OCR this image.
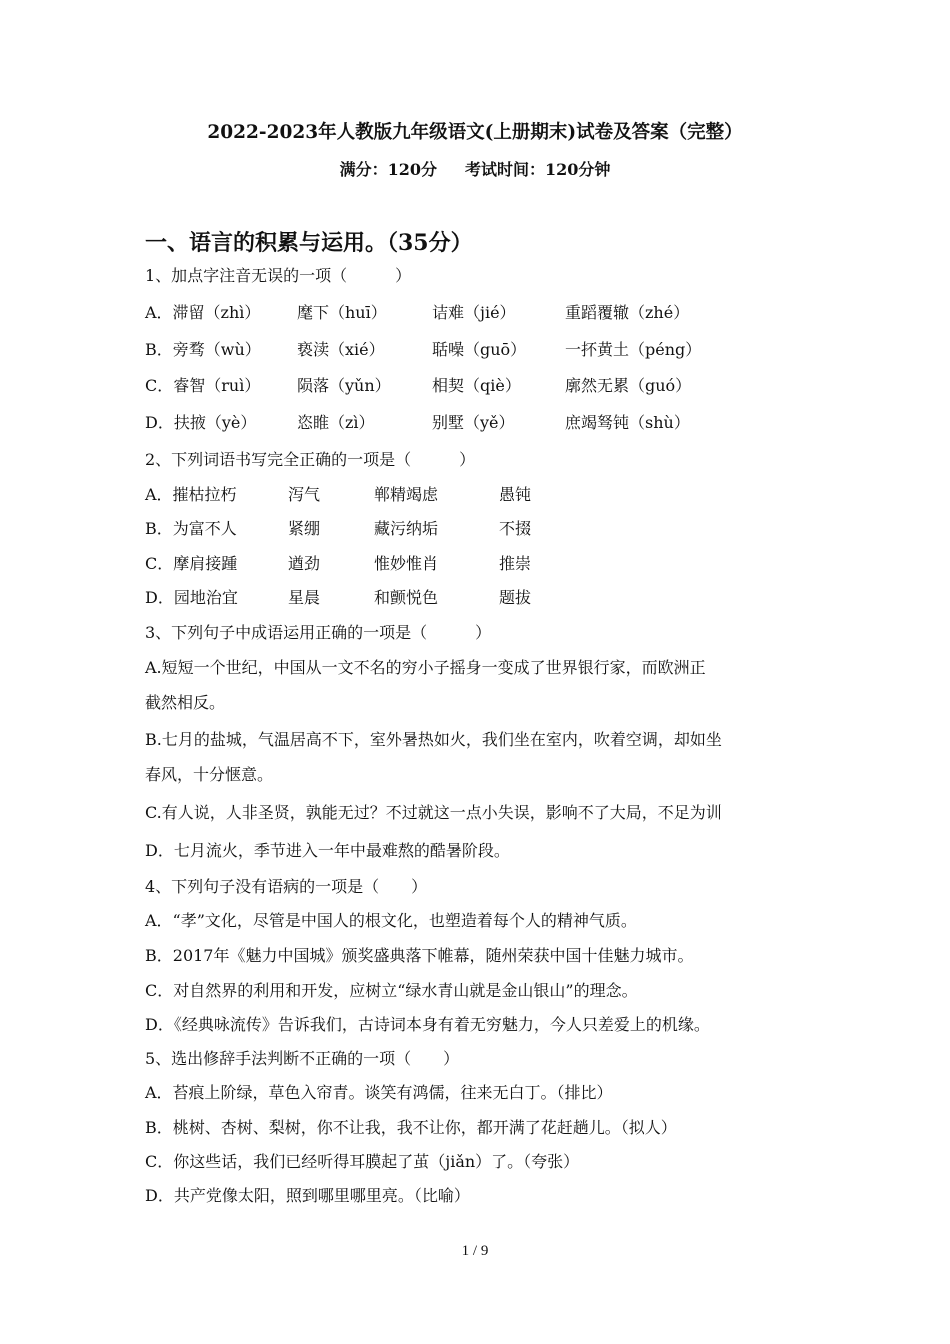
2022-2023年人教版九年级语文(上册期末)试卷及答案（完整）
满分：120分 考试时间：120分钟
一、语言的积累与运用。（35分）
1、加点字注音无误的一项（　　　）
A．滞留（zhì） 麾下（huī）	诘难（jié）	重蹈覆辙（zhé）
B．旁骛（wù） 亵渎（xié）	聒噪（guō） 一抔黄土（péng）
C．睿智（ruì） 陨落（yǔn）	相契（qiè）	廓然无累（guó）
D．扶掖（yè）	恣睢（zì）	别墅（yě）	庶竭驽钝（shù）
2、下列词语书写完全正确的一项是（　　　）
A．摧枯拉朽	泻气	郸精竭虑	愚钝
B．为富不人	紧绷	藏污纳垢	不掇
C．摩肩接踵	遒劲	惟妙惟肖	推崇
D．园地治宜	星晨	和颤悦色	题拔
3、下列句子中成语运用正确的一项是（　　　）
A.短短一个世纪，中国从一文不名的穷小子摇身一变成了世界银行家，而欧洲正
截然相反。
B.七月的盐城，气温居高不下，室外暑热如火，我们坐在室内，吹着空调，却如坐
春风，十分惬意。
C.有人说，人非圣贤，孰能无过？不过就这一点小失误，影响不了大局，不足为训
D．七月流火，季节进入一年中最难熬的酷暑阶段。
4、下列句子没有语病的一项是（　　）
A．“孝”文化，尽管是中国人的根文化，也塑造着每个人的精神气质。
B．2017年《魅力中国城》颁奖盛典落下帷幕，随州荣获中国十佳魅力城市。
C．对自然界的利用和开发，应树立“绿水青山就是金山银山”的理念。
D．《经典咏流传》告诉我们，古诗词本身有着无穷魅力，今人只差爱上的机缘。
5、选出修辞手法判断不正确的一项（　　）
A．苔痕上阶绿，草色入帘青。谈笑有鸿儒，往来无白丁。（排比）
B．桃树、杏树、梨树，你不让我，我不让你，都开满了花赶趟儿。（拟人）
C．你这些话，我们已经听得耳膜起了茧（jiǎn）了。（夸张）
D．共产党像太阳，照到哪里哪里亮。（比喻）
1 / 9
